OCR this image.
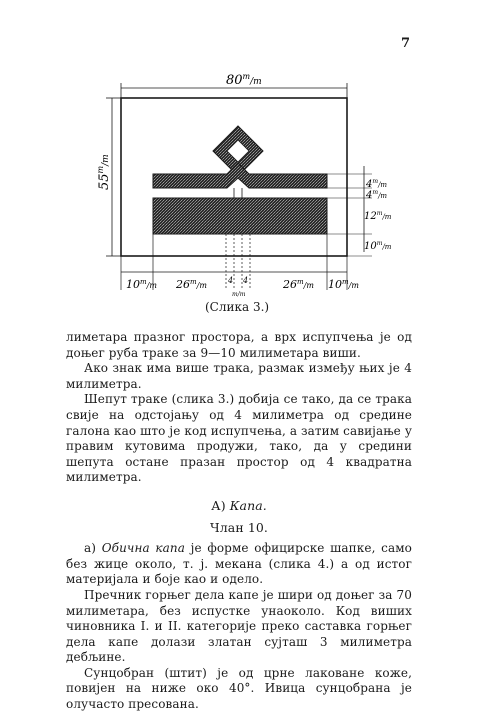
7
$80^m_{/m}$
$55^m_{/m}$
$4^m_{/m}$
$4^m_{/m}$
$12^m_{/m}$
$10^m_{/m}$
$10^m_{/m}$ $26^m_{/m}$
4 4
m/m
$26^m_{/m}$ $10^m_{/m}$
(Слика 3.)

лиметара празног простора, а врх испупчења је од доњег руба траке за 9—10 милиметара виши.

Ако знак има више трака, размак између њих је 4 милиметра.

Шепут траке (слика 3.) добија се тако, да се трака свије на одстојању од 4 милиметра од средине галона као што је код испупчења, а затим савијање у правим кутовима продужи, тако, да у средини шепута остане празан простор од 4 квадратна милиметра.

А) Капа.
Члан 10.

а) Обична капа је форме официрске шапке, само без жице около, т. ј. мекана (слика 4.) а од истог материјала и боје као и одело.

Пречник горњег дела капе је шири од доњег за 70 милиметара, без испустке унаоколо. Код виших чиновника I. и II. категорије преко саставка горњег дела капе долази златан сујташ 3 милиметра дебљине.

Сунцобран (штит) је од црне лаковане коже, повијен на ниже око 40°. Ивица сунцобрана је олучасто пресована.
